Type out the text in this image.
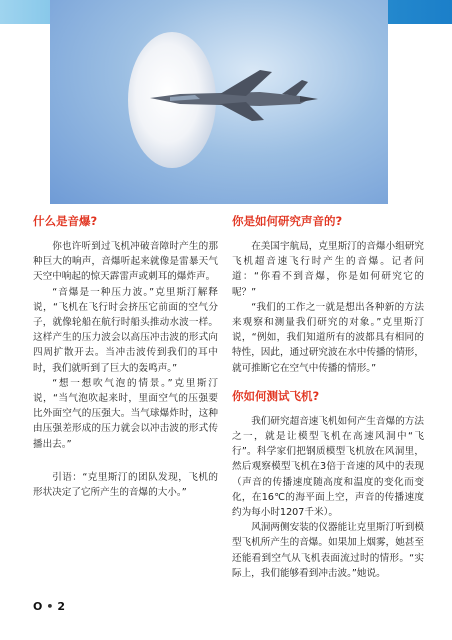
什么是音爆?

你也许听到过飞机冲破音障时产生的那种巨大的响声，音爆听起来就像是雷暴天气天空中响起的惊天霹雷声或刺耳的爆炸声。

“音爆是一种压力波。”克里斯汀解释说，“飞机在飞行时会挤压它前面的空气分子，就像轮船在航行时船头推动水波一样。这样产生的压力波会以高压冲击波的形式向四周扩散开去。当冲击波传到我们的耳中时，我们就听到了巨大的轰鸣声。”

“想一想吹气泡的情景。”克里斯汀说，“当气泡吹起来时，里面空气的压强要比外面空气的压强大。当气球爆炸时，这种由压强差形成的压力就会以冲击波的形式传播出去。”

引语：“克里斯汀的团队发现，飞机的形状决定了它所产生的音爆的大小。”

你是如何研究声音的?

在美国宇航局，克里斯汀的音爆小组研究飞机超音速飞行时产生的音爆。记者问道：“你看不到音爆，你是如何研究它的呢？”

“我们的工作之一就是想出各种新的方法来观察和测量我们研究的对象。”克里斯汀说，“例如，我们知道所有的波都具有相同的特性，因此，通过研究波在水中传播的情形，就可推断它在空气中传播的情形。”

你如何测试飞机?

我们研究超音速飞机如何产生音爆的方法之一，就是让模型飞机在高速风洞中“飞行”。科学家们把钢质模型飞机放在风洞里，然后观察模型飞机在3倍于音速的风中的表现（声音的传播速度随高度和温度的变化而变化，在16℃的海平面上空，声音的传播速度约为每小时1207千米）。

风洞两侧安装的仪器能让克里斯汀听到模型飞机所产生的音爆。如果加上烟雾，她甚至还能看到空气从飞机表面流过时的情形。“实际上，我们能够看到冲击波。”她说。

O • 2
